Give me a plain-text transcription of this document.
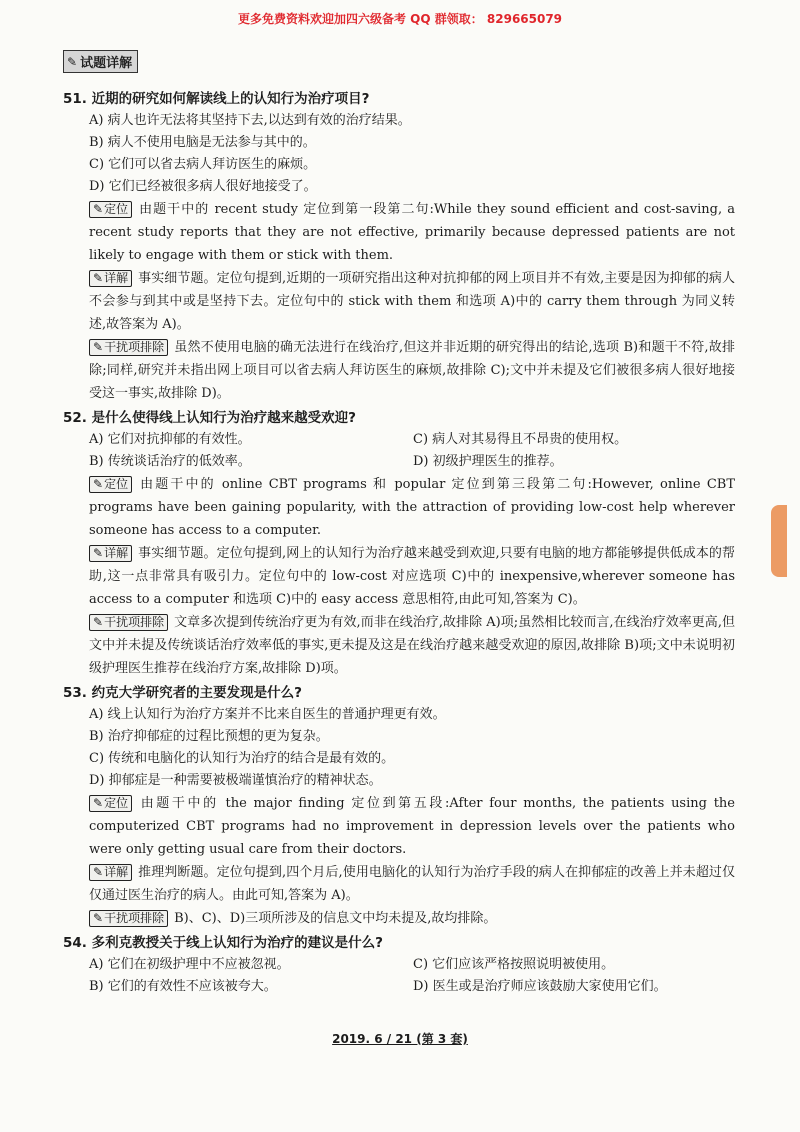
更多免费资料欢迎加四六级备考 QQ 群领取： 829665079
✎ 试题详解
51. 近期的研究如何解读线上的认知行为治疗项目?
A) 病人也许无法将其坚持下去,以达到有效的治疗结果。
B) 病人不使用电脑是无法参与其中的。
C) 它们可以省去病人拜访医生的麻烦。
D) 它们已经被很多病人很好地接受了。
✎定位 由题干中的 recent study 定位到第一段第二句:While they sound efficient and cost-saving, a recent study reports that they are not effective, primarily because depressed patients are not likely to engage with them or stick with them.
✎详解 事实细节题。定位句提到,近期的一项研究指出这种对抗抑郁的网上项目并不有效,主要是因为抑郁的病人不会参与到其中或是坚持下去。定位句中的 stick with them 和选项 A)中的 carry them through 为同义转述,故答案为 A)。
✎干扰项排除 虽然不使用电脑的确无法进行在线治疗,但这并非近期的研究得出的结论,选项 B)和题干不符,故排除;同样,研究并未指出网上项目可以省去病人拜访医生的麻烦,故排除 C);文中并未提及它们被很多病人很好地接受这一事实,故排除 D)。
52. 是什么使得线上认知行为治疗越来越受欢迎?
A) 它们对抗抑郁的有效性。	C) 病人对其易得且不昂贵的使用权。
B) 传统谈话治疗的低效率。	D) 初级护理医生的推荐。
✎定位 由题干中的 online CBT programs 和 popular 定位到第三段第二句:However, online CBT programs have been gaining popularity, with the attraction of providing low-cost help wherever someone has access to a computer.
✎详解 事实细节题。定位句提到,网上的认知行为治疗越来越受到欢迎,只要有电脑的地方都能够提供低成本的帮助,这一点非常具有吸引力。定位句中的 low-cost 对应选项 C)中的 inexpensive,wherever someone has access to a computer 和选项 C)中的 easy access 意思相符,由此可知,答案为 C)。
✎干扰项排除 文章多次提到传统治疗更为有效,而非在线治疗,故排除 A)项;虽然相比较而言,在线治疗效率更高,但文中并未提及传统谈话治疗效率低的事实,更未提及这是在线治疗越来越受欢迎的原因,故排除 B)项;文中未说明初级护理医生推荐在线治疗方案,故排除 D)项。
53. 约克大学研究者的主要发现是什么?
A) 线上认知行为治疗方案并不比来自医生的普通护理更有效。
B) 治疗抑郁症的过程比预想的更为复杂。
C) 传统和电脑化的认知行为治疗的结合是最有效的。
D) 抑郁症是一种需要被极端谨慎治疗的精神状态。
✎定位 由题干中的 the major finding 定位到第五段:After four months, the patients using the computerized CBT programs had no improvement in depression levels over the patients who were only getting usual care from their doctors.
✎详解 推理判断题。定位句提到,四个月后,使用电脑化的认知行为治疗手段的病人在抑郁症的改善上并未超过仅仅通过医生治疗的病人。由此可知,答案为 A)。
✎干扰项排除 B)、C)、D)三项所涉及的信息文中均未提及,故均排除。
54. 多利克教授关于线上认知行为治疗的建议是什么?
A) 它们在初级护理中不应被忽视。	C) 它们应该严格按照说明被使用。
B) 它们的有效性不应该被夸大。	D) 医生或是治疗师应该鼓励大家使用它们。
2019. 6 / 21 (第 3 套)
